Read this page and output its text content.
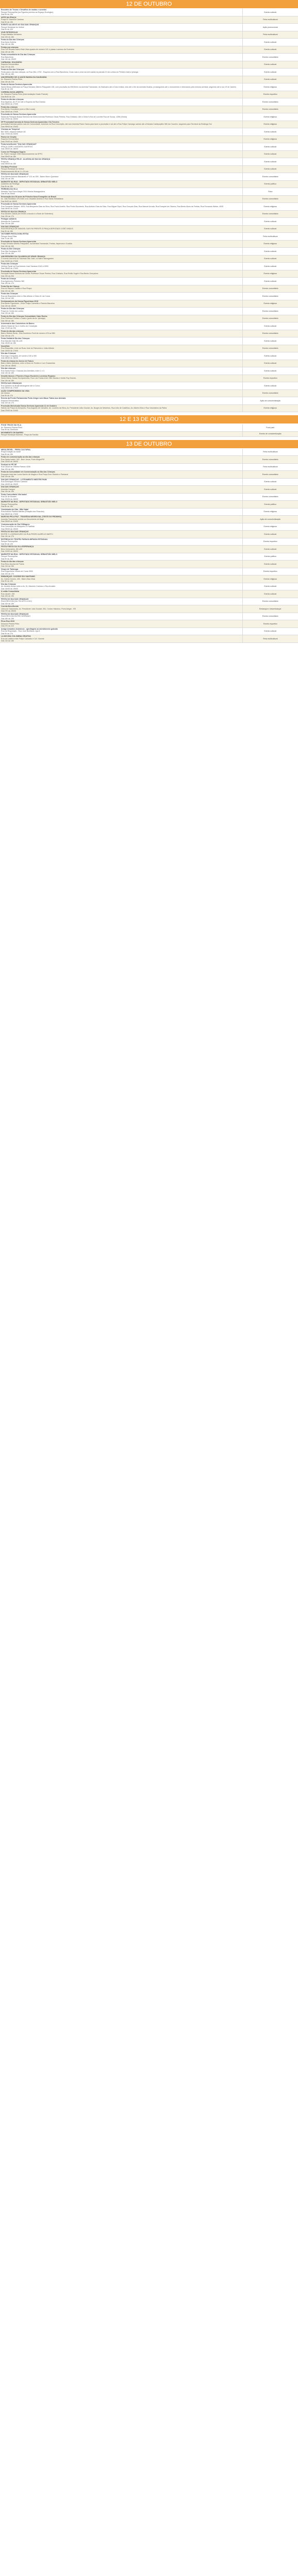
12 DE OUTUBRO
Encontro de Trovas e Desafios de modas e sonetos
Parque Pernoupilha (na Figueira próximo ao Espaço Ecológico)
Das 9h às 13h	Evento cultural

ARTE NA PRAÇA
Praça Dr. Mauricio Cardoso
Das 9h às 13h	Feira multicultural

EVENTO ALUSIVO AO DIA DAS CRIANÇAS
Parque Municipal do Vertice
Das 9h às 12h	Ação promocional

VIVE PETRÓPOLIS
Praça Mafalda Veríssimo
Das 10h às 18h	Feira multicultural

Festa do Dia das Crianças
Rua Dona Zulmira
Das 14h às 18h	Evento cultural

Festas pra crianças
Rua Frei Ricardo bairro Bela Vista quadra de número 101 e passa o acesso da Guerreiro
Das 14h às 19h	Evento cultural

Festa comunitária do Dia das Crianças
Rua Barcelona
Das 14h às 19h30	Evento comunitário

CARNAVAL SOLIDÁRIO
Esquina Democrática
Das 17h às 22h	Evento cultural

Festa do Dia das Crianças
Festa para a dia das crianças, na Rua Otto, 4752 - Esquina com a Rua Barcelona. Duas ruas a uma rua sem saída na parada 13 da Lomba do Pinheiro bairro Ipiranga
Das 14h às 18h	Evento cultural

ANIVERSÁRIO DE 41 ANOS BANDA DA SAUDANHA
Av. Eduardo Pereira Pinto
Das 14h às 21h	Evento cultural

Festa de Nossa Senhora Aparecida
Santa Missa celebrada na Praça Senador Alberto Pasqualini 135, com procissão às 09h30min na Avenida Tramandaí, do Santuário até a Dois Irmãos, indo até o fim da avenida Guaíba, prosseguindo até o monumento e retornando pela mesma avenida, seguindo até a rua 19 de Janeiro
Das 8h às 13h	Evento religioso

CORRIDA NOVA ABERTA
Av. Eduardo Pereira Pinto (Intermediação Grade Parede)
Das 8h30 às 12h	Evento esportivo

Festa do dia das crianças
Rua Itapema, de nº 110 até a Esquina da Rua Dioniso
Das 09h00 às 17h00	Evento comunitário

Festa das crianças
Rua Bento Goncalves (com a São Lucas)
Das 13h00 às 17h00	Evento comunitário

Procissão de Nossa Senhora Aparecida
Saída da Paróquia Nossa Senhora da Glória avenida Professor Oscar Pereira, Rua Cristiano. Até a Gruta N.Sra de Lourdes Rua de Sousa, 1256 (Glória)
Das 07h00 às 10h00	Evento religioso

DP Procissão/Carreata de Nossa Senhora Aparecida e Da Terceira
procissão/Carreata partes ruas de Comunidade, incluindo na Rua Conceição, até com Avenida Paulo Gama para fazer a procissão e vai até a Rua Felipe Camargo saindo até a Estrada Caldepopilho 980 da Cruzeiro, seguindo para Terminal da Restinga Sul
Das 09h00 às 12h00	Evento religioso

Chemas ao Tempend
Bar 3000, esquina Natsum 46
Das 17h00 às 23h00	Evento cultural

Pastor de Oração
Esquina Democrática
Das 07h00 às 13h00	Evento religioso

Festa beneficente "DIA DAS CRIANÇAS"
PRAÇA ZAIRO HOEDERS GUERTES
Das 15h00 às 18h00	Evento cultural

Curso de Filologava Sagrus
Av. Padre Cacique 2350 estacionamento da SPFC
Das 09h00 às 18h	Evento cultural

FESTA CRIANÇA FELIZ - ALUSIVA AO DIA DA CRIANÇA
Praça Ita
Das 09h00 às 18h	Evento cultural

Dia Baby+Festival
Parque Municipal do Vertice
Estacionamento 86 de 4 x 15 min	Evento cultural

FESTA DO DIA DAS CRIANÇAS
Rua Alberta Antonio Balcianeis nº 101 ao 399 - Bairro Morro Quintana
Das 14h às 19h	Evento comunitário

MARKETE NA RUA - DEPUTADO ESTADUAL SEBASTIÃO MELO
Quilombo da Restinga
Das 9h às 16h	Evento político

FEIRINHA DA VILA
Worship Tour Porto Alegre 2019 Marina Nasagardens
Das 9h às 20h00	Feira

Renovação dos 30 anos da Primeira Nova Evangelho do Brasil
Av. Julio Bonifacio 475 entre a Av Oswaldo Aranha e Rua Santa Sebastiana
Das 9h00 às 16h00	Evento comunitário

Procissão de Nossa Senhora Aparecida
Rua Fernando Webber, 4925, Rua Benjamim Dias da Silva, Rua Paulo Aurélio, Rua Pedro Escobedo, Rua Antônio Dias da Silva, Rua Miguel Dipol, Rua Gonçalo Dias, Rua Manoel Arruda, Rua Ezequiel de Oliveira, Rua Bento Alves de Freitas, Rua Fernando Weber, 4925
Das 09h30 às 11h30	Evento religioso

FESTA DO DIA DA CRIANÇA
Rua Álvares Cabral (em frente a escola e a Sede de Setembro)
Das 13h às 17h	Evento comunitário

Pedagio solidário
Avenida do Guarinhos
Das 13h às 16h	Evento cultural

DIA DAS CRIANÇAS
RUA REGENÇA DE MANOEL DAS EM FRENTE À PRAÇA DEPUTADO JOSÉ OKÁLIS
Das 9h às 18h	Evento cultural

OKTOBER FESTA DONA RITSA
Parque Dona Ritsa
Das 7h às 18h	Feira multicultural

Procissão de Nossa Senhora Aparecida
Praça Senador Alberto Pasqualini, na Avenida Tramandaí, Freitas, Itaperuna e Guaíba
Das 14h às 16h	Evento religioso

Festa do Dia Crianças
Rua São Domingos 333
Das 12h às 18h	Evento cultural

ANIVERSÁRIO DA CIA ABSOLVE VIRAR CRIANÇA
O evento ocorrerá na Travessa São José, no bairro Navegantes
Das 11h00 às 17h00	Evento cultural

Festa das Crianças
Vielhos Parati na Rua Antonio José Santana 1040 a 9999
Das 09h00 às 17h00	Evento cultural

Procissão de Nossa Senhora Aparecida
Paróquia Nossa Senhora da Glória: Professor Oscar Pereira, Rua Cristiano, Rua Emilio Vogel e Rua Bento Gonçalves
Das 19h às 20h	Evento religioso

Festa da Criança
Rua Agrônomo Pinheiro 360
Das 15h às 17h	Evento cultural

Festa Dia da Criança
Rua do Raposo Gastão e Rua Pirapó
Das 12h às 18h	Evento comunitário

Festa das Crianças
Rua da Requisitos entre a São Alfredo e Décio M. da Costa
Das 11h às 18h	Evento comunitário

Desbravadores da Nossa Figueiriana 2019
Rua Bento Figueiredo - Entre Felipe Camarão e Ramiro Barcelos
Das 13h às 18h00	Evento religioso

Festa do Dia das Crianças
Praça do Centro da Lomba
Das 13h às 18h	Evento comunitário

Festa do Dia das Crianças Comunidade Cabo Rocha
Rua Professor Freitas e Castro (perto da Av. Ipiranga)
Das 15h às 18h	Evento comunitário

Aniversário dos Caixeteiros do Bairro
Alberto Brasil de Sa e Coelho de Conceição
Das 17h30 às 23h	Evento cultural

Festa do dia das crianças
Bairro Rubem Berta - Rua Domênico Feoli de número 476 ao 580
Das 13h às 17h	Evento comunitário

Festa Solidária Dia das Crianças
Rua Marcílio Dias 36 a 80
Das 13h30 às 18h	Evento cultural

NovaVida
Rua Requeijão, entre as Ruas José do Patrocínio e João Alfredo
Das 13h00 às 17h00	Evento comunitário

Dia das Crianças
Rua Jogo Conquista, de número 150 a 390
Das 08h30 às 18h30	Evento cultural

Festa da criança do Anexo de Futuro
Bairro Mário Quintana, entre a Beco do Tiroteio e Luiz Guaranhas
Das 13h às 18h00	Evento cultural

Dia das crianças
Rua Santa Rosa / Chácara dos Alemães, entre 1 e 3
Das 14h às 18h	Evento cultural

Desafio Idosos e Pioneiro Grupo Escoteiro Leoninos Regiono
Santa Maria, Nossa Sra Aparecida, Rua Lolo Farias entre São Nicolau e Irmão Ruy Gomes
Das 14h às 18h	Evento esportivo

FESTA DAS CRIANÇAS
Rua Quintino do Brasil Abrangente até a Curva
Das 09h00 às 17h00	Evento cultural

AÇÃO COMPROMISSO DA VIDA
da criança
Das 9h às 17h	Evento comunitário

Evento da Frente Parlamentar Porto Alegre sem Maus Tratos aos Animais
Esquina Democrática
Das 10h às 17h	Ação de conscientização

Procissão Motorizada Nossa Senhora Aparecida 12 de Outubro
Saindo da Praça do Aeroporto, Rua Augusto de Carvalho, Av. Loureiro da Silva, Av. Presidente João Goulart, Av. Borges de Medeiros, Rua Júlio de Castilhos, Av. Alberto Bins e Rua Voluntários da Pátria
Das 07h00 às 11h00	Evento religioso
12 E 13 DE OUTUBRO
FOOD TRUCK NA VILA
Av. Eduardo Pereira Pinto
Das 9h às 23h00min	Food park

MOVIMENTO DE BAIRRO
Parque Municipal Marinha - Praça da Família	Evento de conscientização
13 DE OUTUBRO
MEGA REVEL - FEIRA CULTURAL
Praça Estação do Israel
Das 9h às 19h	Feira multicultural

Festa em comemoração ao dia das crianças
Rua Santa Isabel, 340 - Bom Jesus, Porto Alegre/RS
Das 12h00 às 18h00	Evento comunitário

Festival de PÉ SÉ
Rua Oscar de Oliveira Ramos 4208
Das 10h às 18h	Feira multicultural

Festa da Comunidade em Comemoração ao Dia das Crianças
Enquanto total das Luzes Nacho de Alagóa e Rua Praça Dom Gianelo e Pantanal
Das 13h às 19h	Evento comunitário

DIA DAS CRIANÇAS - LOTEAMENTO MESTRE PAIM
Rua Domingos Tenorio Cardoso
Das 14h00 às 19h00	Evento cultural

DIA DAS CRIANÇAS
Avenida Cacique
Das 14h às 19h	Evento cultural

Festa Comunitária Vila Isabel
Rua Zé de Moraes
Das 10h00 às 16h00	Evento comunitário

MARKETE NA RUA - DEPUTADO ESTADUAL SEBASTIÃO MELO
Parque Pernoupilha
Das 8h às 18h	Evento político

Caminhada da Vida - Mãe Natal
Rua Antônio Padilha Martins (Estação dos Ricardos)
Das 08h00 às 17h00	Evento religioso

MARCHA PELA PAZ - TRAGÉDIA NEGROVIAL (TESTE DO PEDINHO)
Avenida Tramandaí sentido ao Monumento de Bagé
Das 09h00 às 12h00	Ação de conscientização

Comemoração do Dia 5 Milagres
Rua Conceição do Mosqueiro e Pavilhão
Das 09h00 às 19h00	Evento religioso

FESTA DO DIA DAS CRIANÇAS
ENTRE O LOGRADOURO DA RUA PEDRO AURÉLIO BARTH
Das 14h às 17h	Evento cultural

ENTREGA DO TROFÉU PARAOLIMPIADA ESTADUAL
Parque Pernoupilha
Das 9h às 12h	Evento esportivo

FESTA FIESTA DA VILA ESPERANÇA
Beco Inmocarmo, 86 a 89
Das 11h00 às 18h00	Evento cultural

MARKETE NA RUA - DEPUTADO ESTADUAL SEBASTIÃO MELO
Parque Pernoupilha
Das 9h às 16h	Evento político

Festa do dia das crianças
Rua Érico Ascrica de Pocha
Das 11h às 18h	Evento cultural

Grupo de Tartaruga
Rua Engenheiro Nunes de Costa 3000
Das 10h às 17h	Evento esportivo

EMBARQUE: COORDE ROI SANTINHO
Av. Carlos Gomes, 400 - Bairro Boa Vista
Das 9h às 12h	Evento religioso

Dia das Crianças
Av. Arnaldo Alvaro entre a Av. Dr. Mauricio Cardoso e Rua Arnaldo
Das 14h00 às 19h00	Evento cultural

A união Comunitária
Rua Jacaré, 150
Das 10h às 19h	Evento cultural

FESTA DO DIA DAS CRIANÇAS
RUA ERECHIM (DA 700 ATÉ A 1010)
Das 10h às 19h	Evento comunitário

Corrida Beneficente
Usina do Gasômetro, Av. Presidente João Goulart, 551, Centro Histórico, Porto Alegre - RS
Das 07h às 15h30	Embarque e desembarque

FESTA DO DIA DAS CRIANÇAS
RUA ERECHIM ENTRE SERRANO
Das 16h às 19h	Evento comunitário

Pirus Run 2019
Eduardo Pereira Pinto
Das 07h às 11h	Evento esportivo

Amigo Amantes Anônimos - aprofiagem ao atendimento gratuito
Rua da Requisição - Rua José Bonifácio, loja 8
Das 9h às 17h	Evento cultural

LA MOVIDA COLOMBIA CRIATIVA
Rua da Ladeira entre Felipe Camarão e Cel. Vicente
Das 11h às 18h	Feira multicultural
